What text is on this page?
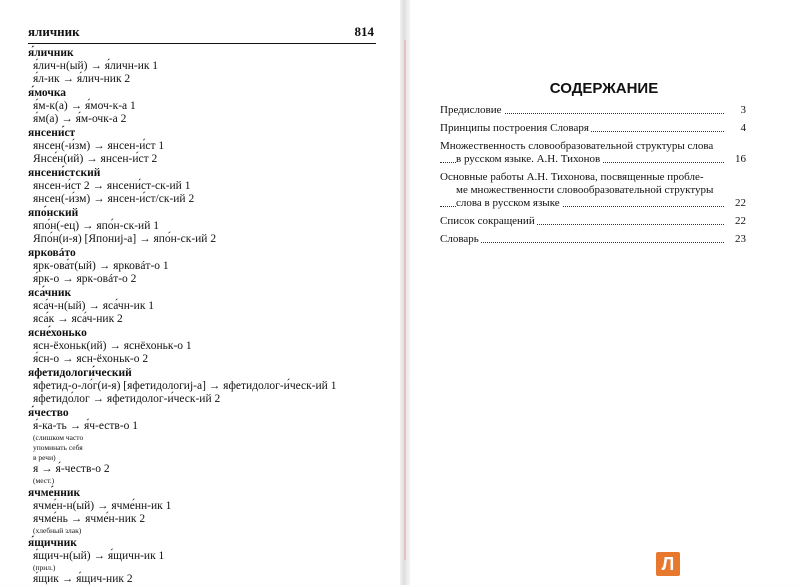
яличник	814
я́личник
я́лич-н(ый) → я́личн-ик 1
я́л-ик → я́лич-ник 2
я́мочка
я́м-к(а) → я́моч-к-а 1
я́м(а) → я́м-очк-а 2
янсени́ст
янсен(-и́зм) → янсен-и́ст 1
Янсе́н(ий) → янсен-и́ст 2
янсени́стский
янсен-и́ст 2 → янсени́ст-ск-ий 1
янсен(-и́зм) → янсен-и́ст/ск-ий 2
япо́нский
япо́н(-ец) → япо́н-ск-ий 1
Япо́н(и-я) [Япониј-а] → япо́н-ск-ий 2
ярковáто
ярк-ова́т(ый) → ярковáт-о 1
я́рк-о → ярк-овáт-о 2
яса́чник
яса́ч-н(ый) → яса́чн-ик 1
яса́к → яса́ч-ник 2
ясне́хонько
ясн-ёхоньк(ий) → яснёхоньк-о 1
я́сн-о → ясн-ёхоньк-о 2
яфетидологи́ческий
яфетид-о-ло́г(и-я) [яфетидологиј-а] → яфетидолог-и́ческ-ий 1
яфетидо́лог → яфетидолог-и́ческ-ий 2
я́чество
я́-ка-ть → я́ч-еств-о 1
(слишком часто
упоминать себя
в речи)
я → я́-честв-о 2
(мест.)
ячме́нник
ячме́н-н(ый) → ячме́нн-ик 1
ячме́нь → ячме́н-ник 2
(хлебный злак)
я́щичник
я́щич-н(ый) → я́щичн-ик 1
(прил.)
я́щик → я́щич-ник 2
СОДЕРЖАНИЕ
Предисловие	3
Принципы построения Словаря	4
Множественность словообразовательной структуры слова
в русском языке. А.Н. Тихонов	16
Основные работы А.Н. Тихонова, посвященные пробле-
ме множественности словообразовательной структуры
слова в русском языке	22
Список сокращений	22
Словарь	23
Л
